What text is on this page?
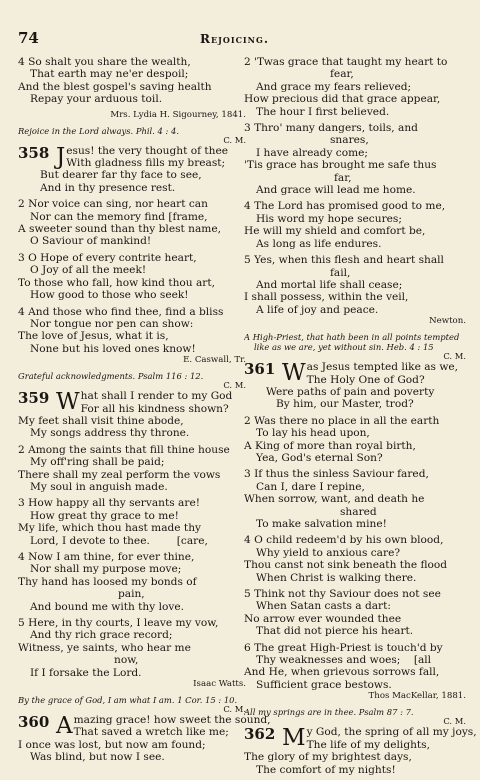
74	Rejoicing.
4 So shalt you share the wealth,
That earth may ne'er despoil;
And the blest gospel's saving health
Repay your arduous toil.
Mrs. Lydia H. Sigourney, 1841.
Rejoice in the Lord always. Phil. 4 : 4.
C. M.
358 J esus! the very thought of thee
With gladness fills my breast;
But dearer far thy face to see,
And in thy presence rest.
2 Nor voice can sing, nor heart can
Nor can the memory find [frame,
A sweeter sound than thy blest name,
O Saviour of mankind!
3 O Hope of every contrite heart,
O Joy of all the meek!
To those who fall, how kind thou art,
How good to those who seek!
4 And those who find thee, find a bliss
Nor tongue nor pen can show:
The love of Jesus, what it is,
None but his loved ones know!
E. Caswall, Tr.
Grateful acknowledgments. Psalm 116 : 12.
C. M.
359 W hat shall I render to my God
For all his kindness shown?
My feet shall visit thine abode,
My songs address thy throne.
2 Among the saints that fill thine house
My off'ring shall be paid;
There shall my zeal perform the vows
My soul in anguish made.
3 How happy all thy servants are!
How great thy grace to me!
My life, which thou hast made thy
Lord, I devote to thee.        [care,
4 Now I am thine, for ever thine,
Nor shall my purpose move;
Thy hand has loosed my bonds of
pain,
And bound me with thy love.
5 Here, in thy courts, I leave my vow,
And thy rich grace record;
Witness, ye saints, who hear me
now,
If I forsake the Lord.
Isaac Watts.
By the grace of God, I am what I am. 1 Cor. 15 : 10.
C. M.
360 A mazing grace! how sweet the sound,
That saved a wretch like me;
I once was lost, but now am found;
Was blind, but now I see.
2 'Twas grace that taught my heart to
fear,
And grace my fears relieved;
How precious did that grace appear,
The hour I first believed.
3 Thro' many dangers, toils, and
snares,
I have already come;
'Tis grace has brought me safe thus
far,
And grace will lead me home.
4 The Lord has promised good to me,
His word my hope secures;
He will my shield and comfort be,
As long as life endures.
5 Yes, when this flesh and heart shall
fail,
And mortal life shall cease;
I shall possess, within the veil,
A life of joy and peace.
Newton.
A High-Priest, that hath been in all points tempted
like as we are, yet without sin. Heb. 4 : 15
C. M.
361 W as Jesus tempted like as we,
The Holy One of God?
Were paths of pain and poverty
By him, our Master, trod?
2 Was there no place in all the earth
To lay his head upon,
A King of more than royal birth,
Yea, God's eternal Son?
3 If thus the sinless Saviour fared,
Can I, dare I repine,
When sorrow, want, and death he
shared
To make salvation mine!
4 O child redeem'd by his own blood,
Why yield to anxious care?
Thou canst not sink beneath the flood
When Christ is walking there.
5 Think not thy Saviour does not see
When Satan casts a dart:
No arrow ever wounded thee
That did not pierce his heart.
6 The great High-Priest is touch'd by
Thy weaknesses and woes;    [all
And He, when grievous sorrows fall,
Sufficient grace bestows.
Thos MacKellar, 1881.
All my springs are in thee. Psalm 87 : 7.
C. M.
362 M y God, the spring of all my joys,
The life of my delights,
The glory of my brightest days,
The comfort of my nights!
